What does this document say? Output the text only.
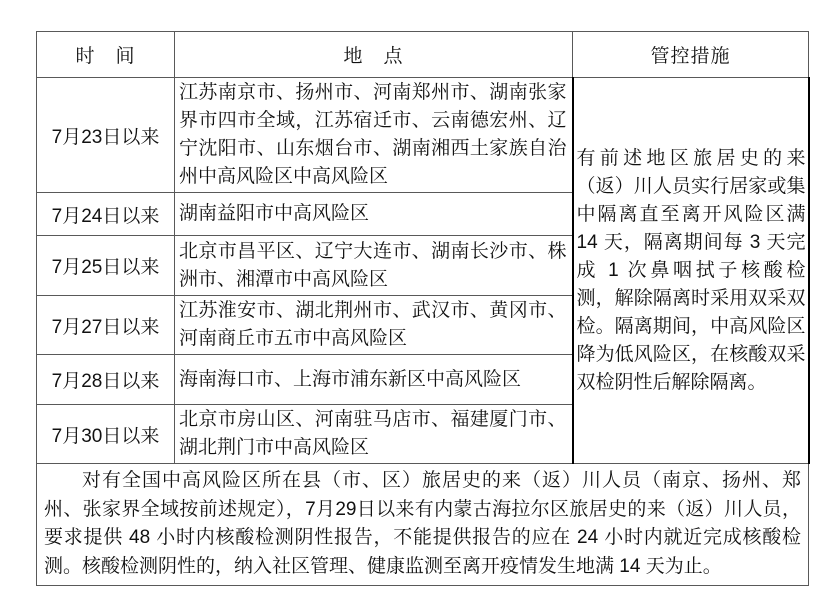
时　间	地　点	管控措施
7月23日以来	江苏南京市、扬州市、河南郑州市、湖南张家界市四市全域，江苏宿迁市、云南德宏州、辽宁沈阳市、山东烟台市、湖南湘西土家族自治州中高风险区中高风险区	有前述地区旅居史的来（返）川人员实行居家或集中隔离直至离开风险区满 14 天，隔离期间每 3 天完成 1 次鼻咽拭子核酸检测，解除隔离时采用双采双检。隔离期间，中高风险区降为低风险区，在核酸双采双检阴性后解除隔离。
7月24日以来	湖南益阳市中高风险区	
7月25日以来	北京市昌平区、辽宁大连市、湖南长沙市、株洲市、湘潭市中高风险区	
7月27日以来	江苏淮安市、湖北荆州市、武汉市、黄冈市、河南商丘市五市中高风险区	
7月28日以来	海南海口市、上海市浦东新区中高风险区	
7月30日以来	北京市房山区、河南驻马店市、福建厦门市、湖北荆门市中高风险区	

对有全国中高风险区所在县（市、区）旅居史的来（返）川人员（南京、扬州、郑州、张家界全域按前述规定），7月29日以来有内蒙古海拉尔区旅居史的来（返）川人员，要求提供 48 小时内核酸检测阴性报告，不能提供报告的应在 24 小时内就近完成核酸检测。核酸检测阴性的，纳入社区管理、健康监测至离开疫情发生地满 14 天为止。		
